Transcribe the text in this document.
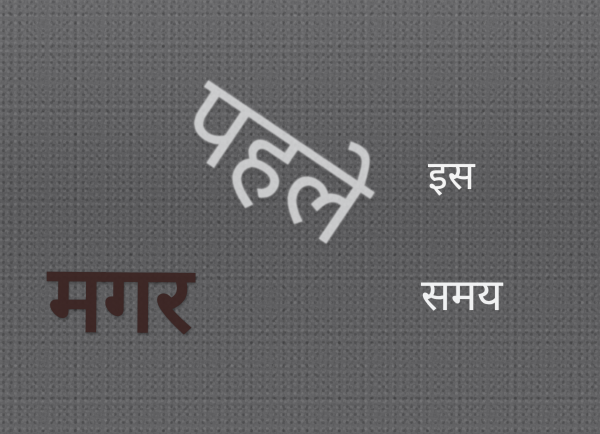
पहले इस
समय
मगर
